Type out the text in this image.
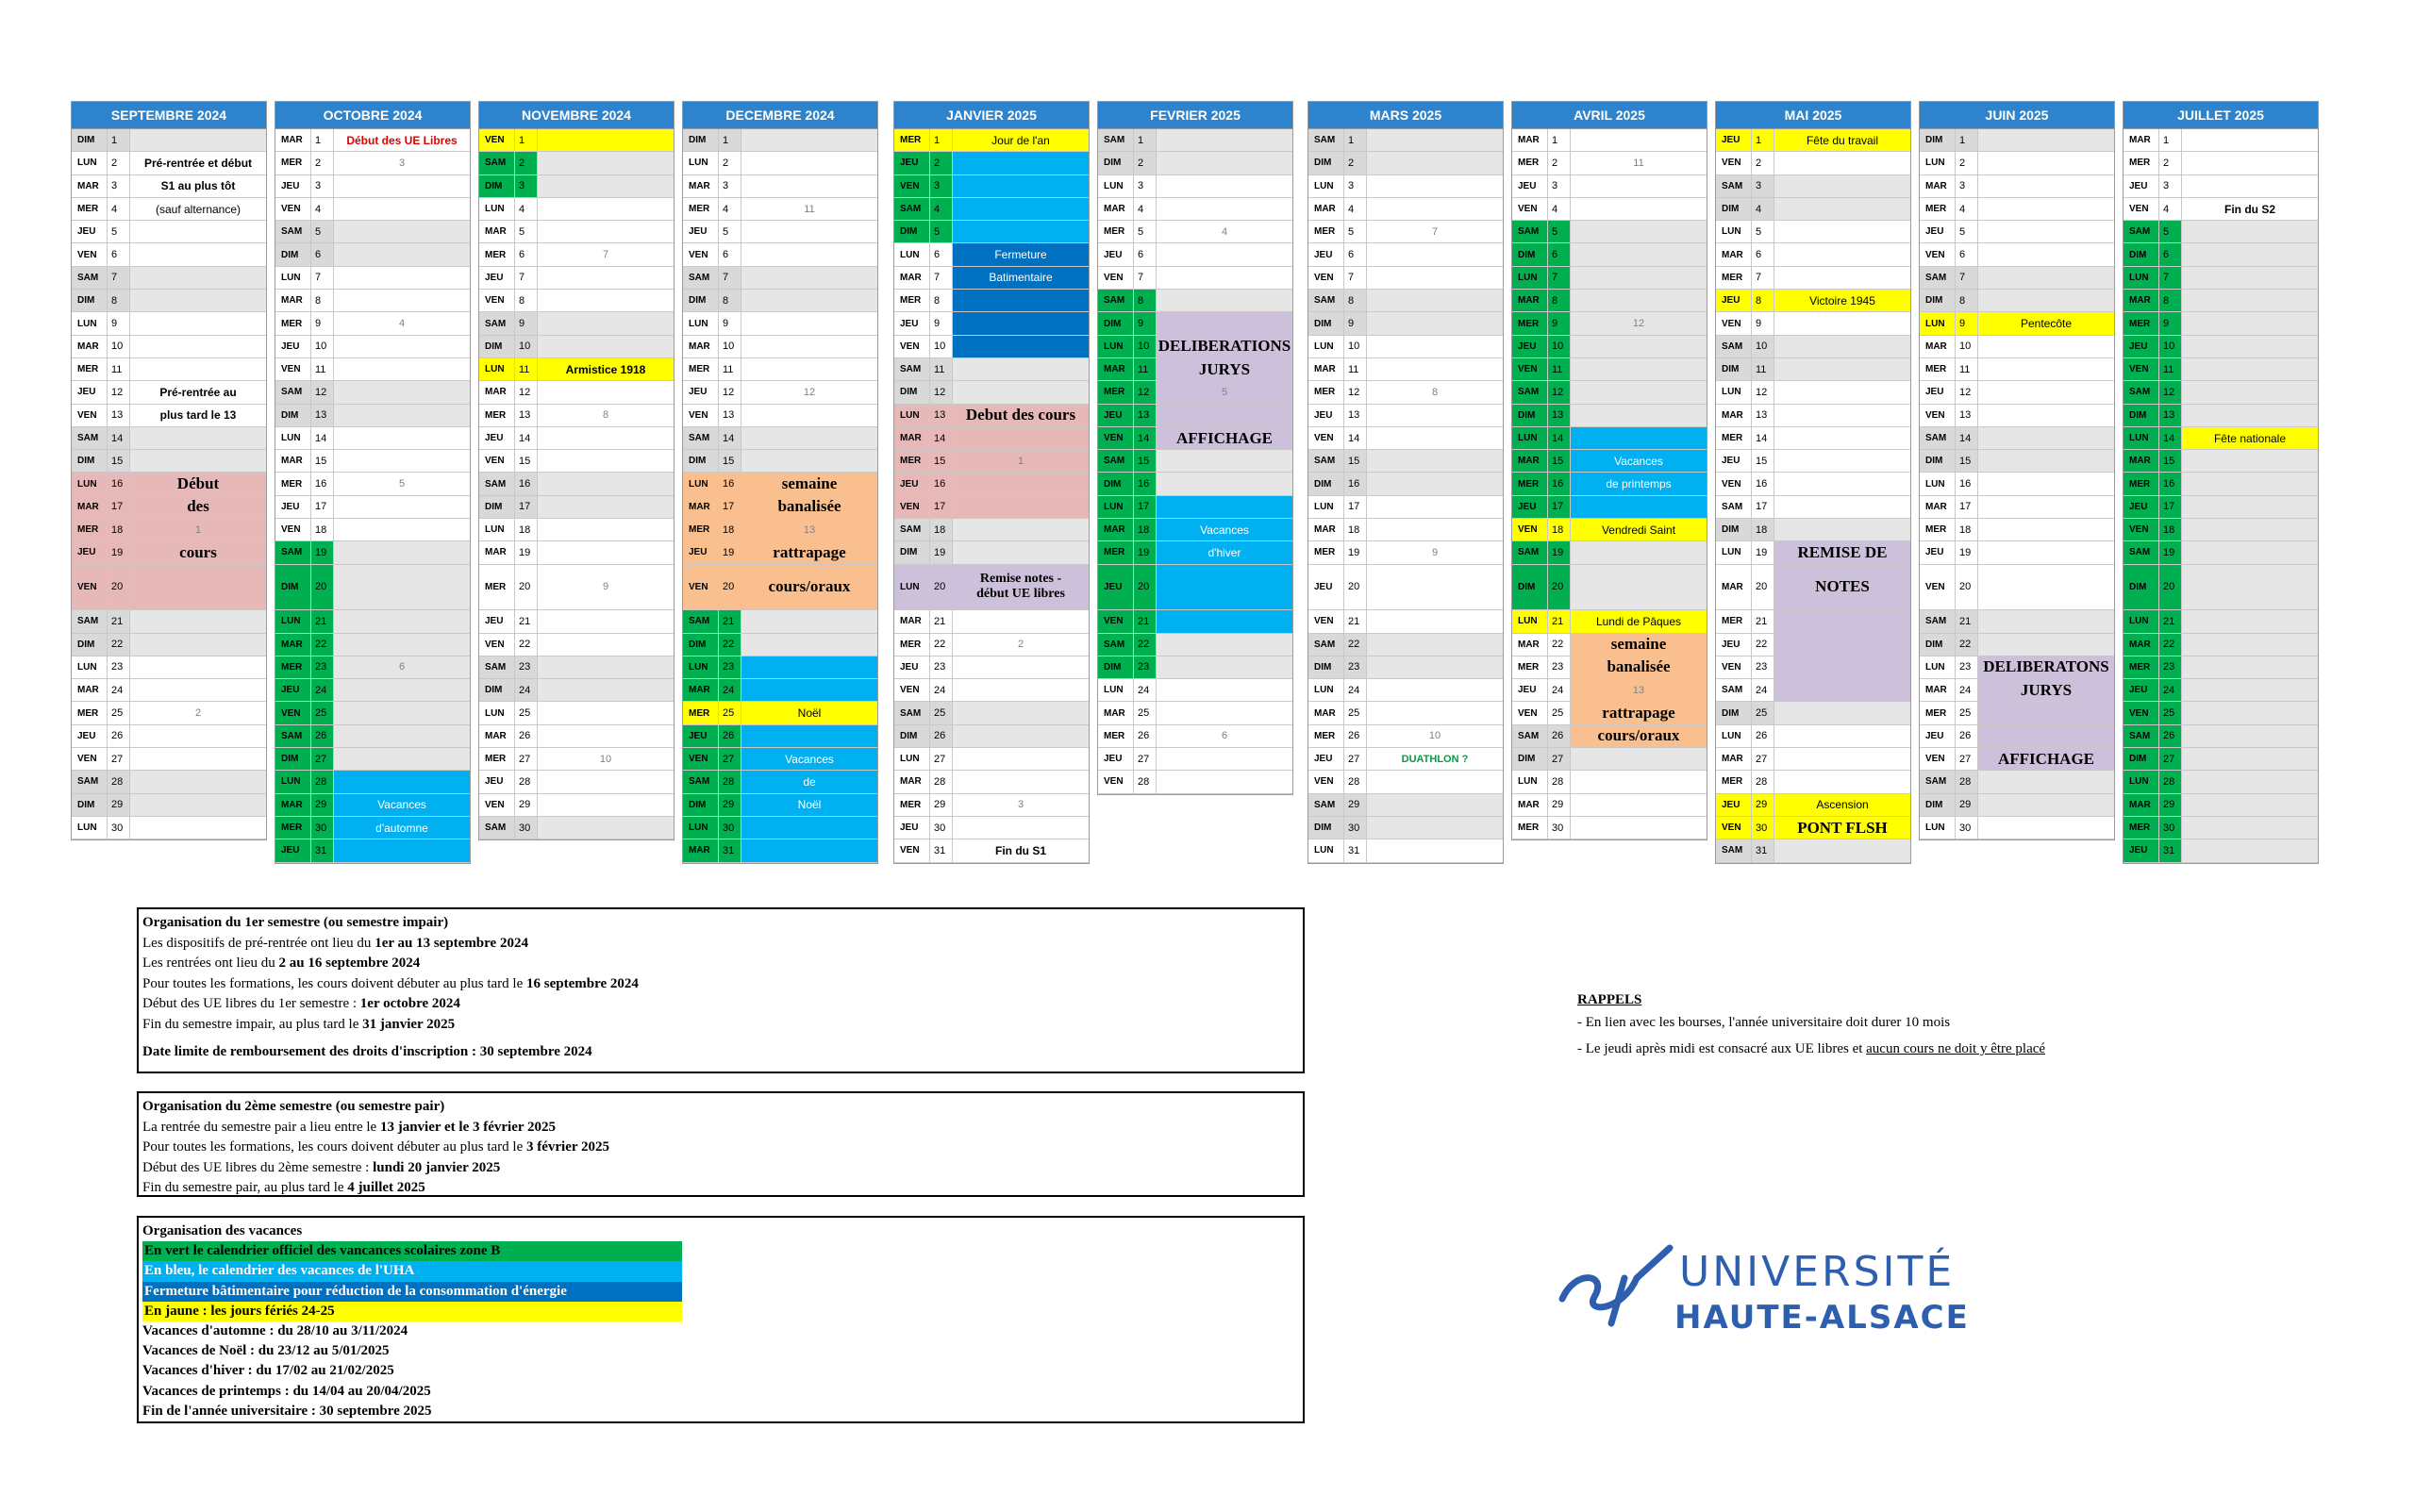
SEPTEMBRE 2024
DIM	1
LUN	2	Pré-rentrée et début
MAR	3	S1 au plus tôt
MER	4	(sauf alternance)
JEU	5
VEN	6
SAM	7
DIM	8
LUN	9
MAR	10
MER	11
JEU	12	Pré-rentrée au
VEN	13	plus tard le 13
SAM	14
DIM	15
LUN	16	Début
MAR	17	des
MER	18	1
JEU	19	cours
VEN	20
SAM	21
DIM	22
LUN	23
MAR	24
MER	25	2
JEU	26
VEN	27
SAM	28
DIM	29
LUN	30
OCTOBRE 2024
MAR	1	Début des UE Libres
MER	2	3
JEU	3
VEN	4
SAM	5
DIM	6
LUN	7
MAR	8
MER	9	4
JEU	10
VEN	11
SAM	12
DIM	13
LUN	14
MAR	15
MER	16	5
JEU	17
VEN	18
SAM	19
DIM	20
LUN	21
MAR	22
MER	23	6
JEU	24
VEN	25
SAM	26
DIM	27
LUN	28
MAR	29	Vacances
MER	30	d'automne
JEU	31
NOVEMBRE 2024
VEN	1
SAM	2
DIM	3
LUN	4
MAR	5
MER	6	7
JEU	7
VEN	8
SAM	9
DIM	10
LUN	11	Armistice 1918
MAR	12
MER	13	8
JEU	14
VEN	15
SAM	16
DIM	17
LUN	18
MAR	19
MER	20	9
JEU	21
VEN	22
SAM	23
DIM	24
LUN	25
MAR	26
MER	27	10
JEU	28
VEN	29
SAM	30
DECEMBRE 2024
DIM	1
LUN	2
MAR	3
MER	4	11
JEU	5
VEN	6
SAM	7
DIM	8
LUN	9
MAR	10
MER	11
JEU	12	12
VEN	13
SAM	14
DIM	15
LUN	16	semaine
MAR	17	banalisée
MER	18	13
JEU	19	rattrapage
VEN	20	cours/oraux
SAM	21
DIM	22
LUN	23
MAR	24
MER	25	Noël
JEU	26
VEN	27	Vacances
SAM	28	de
DIM	29	Noël
LUN	30
MAR	31
JANVIER 2025
MER	1	Jour de l'an
JEU	2
VEN	3
SAM	4
DIM	5
LUN	6	Fermeture
MAR	7	Batimentaire
MER	8
JEU	9
VEN	10
SAM	11
DIM	12
LUN	13	Debut des cours
MAR	14
MER	15	1
JEU	16
VEN	17
SAM	18
DIM	19
LUN	20
Remise notes -
début UE libres
MAR	21
MER	22	2
JEU	23
VEN	24
SAM	25
DIM	26
LUN	27
MAR	28
MER	29	3
JEU	30
VEN	31	Fin du S1
FEVRIER 2025
SAM	1
DIM	2
LUN	3
MAR	4
MER	5	4
JEU	6
VEN	7
SAM	8
DIM	9
LUN	10 DELIBERATIONS
MAR	11	JURYS
MER	12	5
JEU	13
VEN	14	AFFICHAGE
SAM	15
DIM	16
LUN	17
MAR	18	Vacances
MER	19	d'hiver
JEU	20
VEN	21
SAM	22
DIM	23
LUN	24
MAR	25
MER	26	6
JEU	27
VEN	28
MARS 2025
SAM	1
DIM	2
LUN	3
MAR	4
MER	5	7
JEU	6
VEN	7
SAM	8
DIM	9
LUN	10
MAR	11
MER	12	8
JEU	13
VEN	14
SAM	15
DIM	16
LUN	17
MAR	18
MER	19	9
JEU	20
VEN	21
SAM	22
DIM	23
LUN	24
MAR	25
MER	26	10
JEU	27	DUATHLON ?
VEN	28
SAM	29
DIM	30
LUN	31
AVRIL 2025
MAR	1
MER	2	11
JEU	3
VEN	4
SAM	5
DIM	6
LUN	7
MAR	8
MER	9	12
JEU	10
VEN	11
SAM	12
DIM	13
LUN	14
MAR	15	Vacances
MER	16	de printemps
JEU	17
VEN	18	Vendredi Saint
SAM	19
DIM	20
LUN	21	Lundi de Pâques
MAR	22	semaine
MER	23	banalisée
JEU	24	13
VEN	25	rattrapage
SAM	26	cours/oraux
DIM	27
LUN	28
MAR	29
MER	30
MAI 2025
JEU	1	Fête du travail
VEN	2
SAM	3
DIM	4
LUN	5
MAR	6
MER	7
JEU	8	Victoire 1945
VEN	9
SAM	10
DIM	11
LUN	12
MAR	13
MER	14
JEU	15
VEN	16
SAM	17
DIM	18
LUN	19	REMISE DE
MAR	20	NOTES
MER	21
JEU	22
VEN	23
SAM	24
DIM	25
LUN	26
MAR	27
MER	28
JEU	29	Ascension
VEN	30	PONT FLSH
SAM	31
JUIN 2025
DIM	1
LUN	2
MAR	3
MER	4
JEU	5
VEN	6
SAM	7
DIM	8
LUN	9	Pentecôte
MAR	10
MER	11
JEU	12
VEN	13
SAM	14
DIM	15
LUN	16
MAR	17
MER	18
JEU	19
VEN	20
SAM	21
DIM	22
LUN	23 DELIBERATONS
MAR	24	JURYS
MER	25
JEU	26
VEN	27	AFFICHAGE
SAM	28
DIM	29
LUN	30
JUILLET 2025
MAR	1
MER	2
JEU	3
VEN	4	Fin du S2
SAM	5
DIM	6
LUN	7
MAR	8
MER	9
JEU	10
VEN	11
SAM	12
DIM	13
LUN	14	Fête nationale
MAR	15
MER	16
JEU	17
VEN	18
SAM	19
DIM	20
LUN	21
MAR	22
MER	23
JEU	24
VEN	25
SAM	26
DIM	27
LUN	28
MAR	29
MER	30
JEU	31
Organisation du 1er semestre (ou semestre impair)
Les dispositifs de pré-rentrée ont lieu du 1er au 13 septembre 2024
Les rentrées ont lieu du 2 au 16 septembre 2024
Pour toutes les formations, les cours doivent débuter au plus tard le 16 septembre 2024
Début des UE libres du 1er semestre : 1er octobre 2024
Fin du semestre impair, au plus tard le 31 janvier 2025
Date limite de remboursement des droits d'inscription : 30 septembre 2024
Organisation du 2ème semestre (ou semestre pair)
La rentrée du semestre pair a lieu entre le 13 janvier et le 3 février 2025
Pour toutes les formations, les cours doivent débuter au plus tard le 3 février 2025
Début des UE libres du 2ème semestre : lundi 20 janvier 2025
Fin du semestre pair, au plus tard le 4 juillet 2025
Organisation des vacances
En vert le calendrier officiel des vancances scolaires zone B
En bleu, le calendrier des vacances de l'UHA
Fermeture bâtimentaire pour réduction de la consommation d'énergie
En jaune : les jours fériés 24-25
Vacances d'automne : du 28/10 au 3/11/2024
Vacances de Noël : du 23/12 au 5/01/2025
Vacances d'hiver : du 17/02 au 21/02/2025
Vacances de printemps : du 14/04 au 20/04/2025
Fin de l'année universitaire : 30 septembre 2025
RAPPELS
- En lien avec les bourses, l'année universitaire doit durer 10 mois
- Le jeudi après midi est consacré aux UE libres et aucun cours ne doit y être placé
UNIVERSITÉ
HAUTE-ALSACE
